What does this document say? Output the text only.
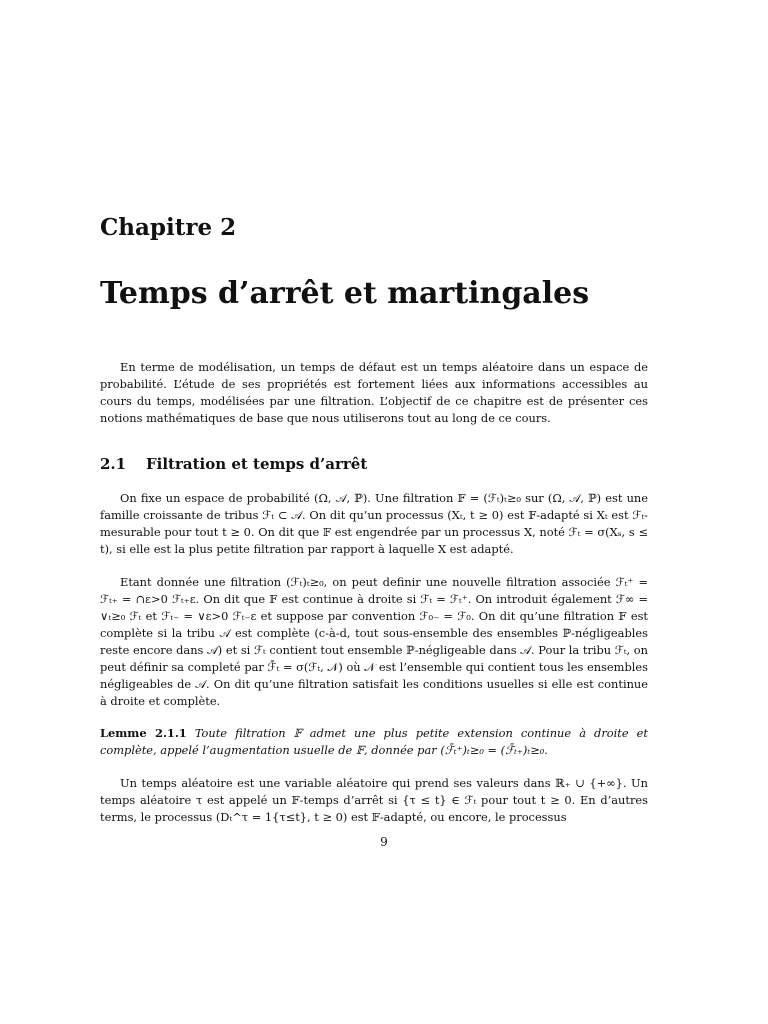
Chapitre 2
Temps d’arrêt et martingales

En terme de modélisation, un temps de défaut est un temps aléatoire dans un espace de probabilité. L’étude de ses propriétés est fortement liées aux informations accessibles au cours du temps, modélisées par une filtration. L’objectif de ce chapitre est de présenter ces notions mathématiques de base que nous utiliserons tout au long de ce cours.

2.1 Filtration et temps d’arrêt

On fixe un espace de probabilité (Ω, 𝒜, ℙ). Une filtration 𝔽 = (ℱₜ)ₜ≥₀ sur (Ω, 𝒜, ℙ) est une famille croissante de tribus ℱₜ ⊂ 𝒜. On dit qu’un processus (Xₜ, t ≥ 0) est 𝔽-adapté si Xₜ est ℱₜ-mesurable pour tout t ≥ 0. On dit que 𝔽 est engendrée par un processus X, noté ℱₜ = σ(Xₛ, s ≤ t), si elle est la plus petite filtration par rapport à laquelle X est adapté.

Etant donnée une filtration (ℱₜ)ₜ≥₀, on peut definir une nouvelle filtration associée ℱₜ⁺ = ℱₜ₊ = ∩ε>0 ℱₜ₊ε. On dit que 𝔽 est continue à droite si ℱₜ = ℱₜ⁺. On introduit également ℱ∞ = ∨ₜ≥₀ ℱₜ et ℱₜ₋ = ∨ε>0 ℱₜ₋ε et suppose par convention ℱ₀₋ = ℱ₀. On dit qu’une filtration 𝔽 est complète si la tribu 𝒜 est complète (c-à-d, tout sous-ensemble des ensembles ℙ-négligeables reste encore dans 𝒜) et si ℱₜ contient tout ensemble ℙ-négligeable dans 𝒜. Pour la tribu ℱₜ, on peut définir sa completé par ℱ̄ₜ = σ(ℱₜ, 𝒩) où 𝒩 est l’ensemble qui contient tous les ensembles négligeables de 𝒜. On dit qu’une filtration satisfait les conditions usuelles si elle est continue à droite et complète.

Lemme 2.1.1 Toute filtration 𝔽 admet une plus petite extension continue à droite et complète, appelé l’augmentation usuelle de 𝔽, donnée par (ℱ̄ₜ⁺)ₜ≥₀ = (ℱ̄ₜ₊)ₜ≥₀.

Un temps aléatoire est une variable aléatoire qui prend ses valeurs dans ℝ₊ ∪ {+∞}. Un temps aléatoire τ est appelé un 𝔽-temps d’arrêt si {τ ≤ t} ∈ ℱₜ pour tout t ≥ 0. En d’autres terms, le processus (Dₜ^τ = 1{τ≤t}, t ≥ 0) est 𝔽-adapté, ou encore, le processus

9
